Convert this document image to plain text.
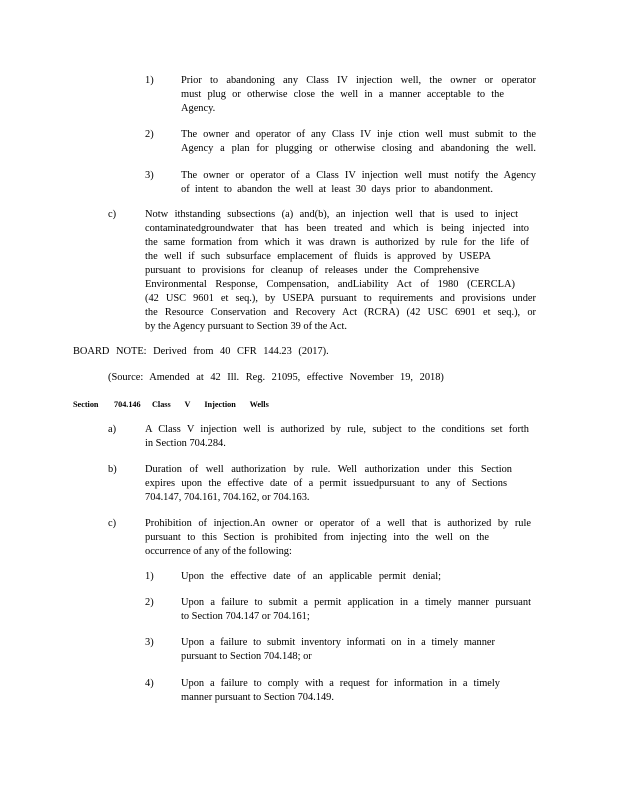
1)	Prior to abandoning any Class IV injection well, the owner or operator
must plug or otherwise close the well in a manner acceptable to the
Agency.
2)	The owner and operator of any Class IV inje ction well must submit to the
Agency a plan for plugging or otherwise closing and abandoning the well.
3)	The owner or operator of a Class IV injection well must notify the Agency
of intent to abandon the well at least 30 days prior to abandonment.
c)	Notw ithstanding subsections (a) and(b), an injection well that is used to inject
contaminatedgroundwater that has been treated and which is being injected into
the same formation from which it was drawn is authorized by rule for the life of
the well if such subsurface emplacement of fluids is approved by USEPA
pursuant to provisions for cleanup of releases under the Comprehensive
Environmental Response, Compensation, andLiability Act of 1980 (CERCLA)
(42 USC 9601 et seq.), by USEPA pursuant to requirements and provisions under
the Resource Conservation and Recovery Act (RCRA) (42 USC 6901 et seq.), or
by the Agency pursuant to Section 39 of the Act.
BOARD NOTE: Derived from 40 CFR 144.23 (2017).
(Source: Amended at 42 Ill. Reg. 21095, effective November 19, 2018)
Section 704.146 Class V Injection Wells
a)	A Class V injection well is authorized by rule, subject to the conditions set forth
in Section 704.284.
b)	Duration of well authorization by rule. Well authorization under this Section
expires upon the effective date of a permit issuedpursuant to any of Sections
704.147, 704.161, 704.162, or 704.163.
c)	Prohibition of injection.An owner or operator of a well that is authorized by rule
pursuant to this Section is prohibited from injecting into the well on the
occurrence of any of the following:
1)	Upon the effective date of an applicable permit denial;
2)	Upon a failure to submit a permit application in a timely manner pursuant
to Section 704.147 or 704.161;
3)	Upon a failure to submit inventory informati on in a timely manner
pursuant to Section 704.148; or
4)	Upon a failure to comply with a request for information in a timely
manner pursuant to Section 704.149.
